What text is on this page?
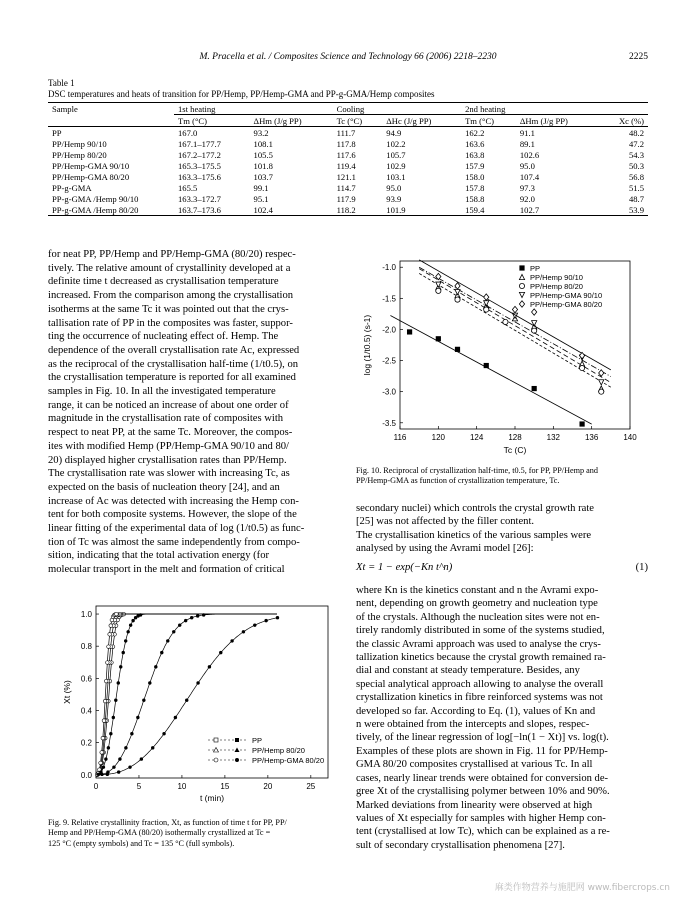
M. Pracella et al. / Composites Science and Technology 66 (2006) 2218–2230	2225
Table 1
DSC temperatures and heats of transition for PP/Hemp, PP/Hemp-GMA and PP-g-GMA/Hemp composites
Sample	1st heating		Cooling		2nd heating		
	Tm (°C)	ΔHm (J/g PP)	Tc (°C)	ΔHc (J/g PP)	Tm (°C)	ΔHm (J/g PP)	Xc (%)
PP	167.0	93.2	111.7	94.9	162.2	91.1	48.2
PP/Hemp 90/10	167.1–177.7	108.1	117.8	102.2	163.6	89.1	47.2
PP/Hemp 80/20	167.2–177.2	105.5	117.6	105.7	163.8	102.6	54.3
PP/Hemp-GMA 90/10	165.3–175.5	101.8	119.4	102.9	157.9	95.0	50.3
PP/Hemp-GMA 80/20	163.3–175.6	103.7	121.1	103.1	158.0	107.4	56.8
PP-g-GMA	165.5	99.1	114.7	95.0	157.8	97.3	51.5
PP-g-GMA /Hemp 90/10	163.3–172.7	95.1	117.9	93.9	158.8	92.0	48.7
PP-g-GMA /Hemp 80/20	163.7–173.6	102.4	118.2	101.9	159.4	102.7	53.9
for neat PP, PP/Hemp and PP/Hemp-GMA (80/20) respec-
tively. The relative amount of crystallinity developed at a
definite time t decreased as crystallisation temperature
increased. From the comparison among the crystallisation
isotherms at the same Tc it was pointed out that the crys-
tallisation rate of PP in the composites was faster, suppor-
ting the occurrence of nucleating effect of. Hemp. The
dependence of the overall crystallisation rate Ac, expressed
as the reciprocal of the crystallisation half-time (1/t0.5), on
the crystallisation temperature is reported for all examined
samples in Fig. 10. In all the investigated temperature
range, it can be noticed an increase of about one order of
magnitude in the crystallisation rate of composites with
respect to neat PP, at the same Tc. Moreover, the compos-
ites with modified Hemp (PP/Hemp-GMA 90/10 and 80/
20) displayed higher crystallisation rates than PP/Hemp.
The crystallisation rate was slower with increasing Tc, as
expected on the basis of nucleation theory [24], and an
increase of Ac was detected with increasing the Hemp con-
tent for both composite systems. However, the slope of the
linear fitting of the experimental data of log (1/t0.5) as func-
tion of Tc was almost the same independently from compo-
sition, indicating that the total activation energy (for
molecular transport in the melt and formation of critical
0	5	10	15	20	25
0.0
0.2
0.4
0.6
0.8
1.0
t (min)
Xt (%)
PP
PP/Hemp 80/20
PP/Hemp-GMA 80/20
Fig. 9. Relative crystallinity fraction, Xt, as function of time t for PP, PP/
Hemp and PP/Hemp-GMA (80/20) isothermally crystallized at Tc =
125 °C (empty symbols) and Tc = 135 °C (full symbols).
116	120	124	128	132	136	140
-1.0
-1.5
-2.0
-2.5
-3.0
-3.5
Tc (C)
log (1/t0.5) (s-1)
PP
PP/Hemp 90/10
PP/Hemp 80/20
PP/Hemp-GMA 90/10
PP/Hemp-GMA 80/20
Fig. 10. Reciprocal of crystallization half-time, t0.5, for PP, PP/Hemp and
PP/Hemp-GMA as function of crystallization temperature, Tc.
secondary nuclei) which controls the crystal growth rate
[25] was not affected by the filler content.
The crystallisation kinetics of the various samples were
analysed by using the Avrami model [26]:
Xt = 1 − exp(−Kn t^n)	(1)
where Kn is the kinetics constant and n the Avrami expo-
nent, depending on growth geometry and nucleation type
of the crystals. Although the nucleation sites were not en-
tirely randomly distributed in some of the systems studied,
the classic Avrami approach was used to analyse the crys-
tallization kinetics because the crystal growth remained ra-
dial and constant at steady temperature. Besides, any
special analytical approach allowing to analyse the overall
crystallization kinetics in fibre reinforced systems was not
developed so far. According to Eq. (1), values of Kn and
n were obtained from the intercepts and slopes, respec-
tively, of the linear regression of log[−ln(1 − Xt)] vs. log(t).
Examples of these plots are shown in Fig. 11 for PP/Hemp-
GMA 80/20 composites crystallised at various Tc. In all
cases, nearly linear trends were obtained for conversion de-
gree Xt of the crystallising polymer between 10% and 90%.
Marked deviations from linearity were observed at high
values of Xt especially for samples with higher Hemp con-
tent (crystallised at low Tc), which can be explained as a re-
sult of secondary crystallisation phenomena [27].
麻类作物营养与施肥网 www.fibercrops.cn
